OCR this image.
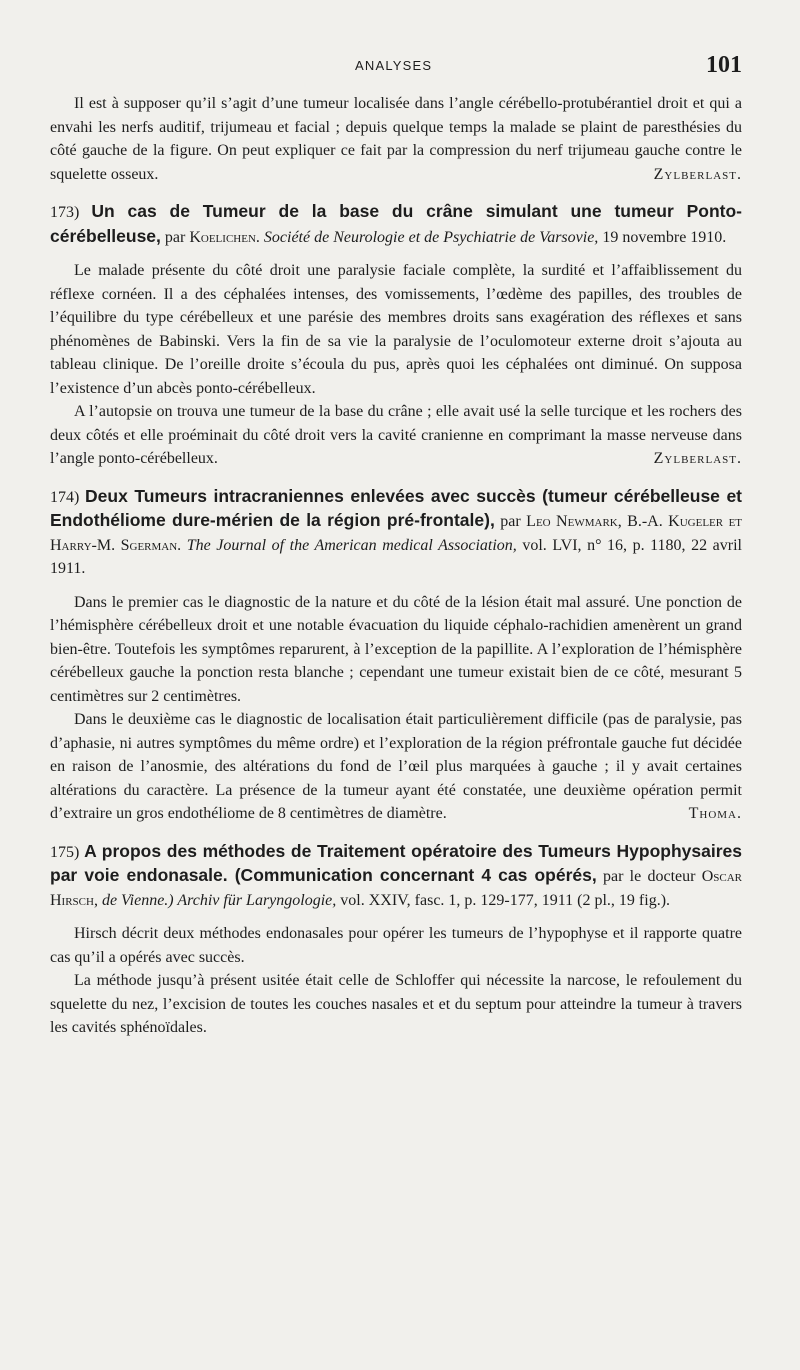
ANALYSES	101

Il est à supposer qu’il s’agit d’une tumeur localisée dans l’angle cérébello-protubérantiel droit et qui a envahi les nerfs auditif, trijumeau et facial ; depuis quelque temps la malade se plaint de paresthésies du côté gauche de la figure. On peut expliquer ce fait par la compression du nerf trijumeau gauche contre le squelette osseux.	Zylberlast.

173) Un cas de Tumeur de la base du crâne simulant une tumeur Ponto-cérébelleuse, par Koelichen. Société de Neurologie et de Psychiatrie de Varsovie, 19 novembre 1910.

Le malade présente du côté droit une paralysie faciale complète, la surdité et l’affaiblissement du réflexe cornéen. Il a des céphalées intenses, des vomissements, l’œdème des papilles, des troubles de l’équilibre du type cérébelleux et une parésie des membres droits sans exagération des réflexes et sans phénomènes de Babinski. Vers la fin de sa vie la paralysie de l’oculomoteur externe droit s’ajouta au tableau clinique. De l’oreille droite s’écoula du pus, après quoi les céphalées ont diminué. On supposa l’existence d’un abcès ponto-cérébelleux.

A l’autopsie on trouva une tumeur de la base du crâne ; elle avait usé la selle turcique et les rochers des deux côtés et elle proéminait du côté droit vers la cavité cranienne en comprimant la masse nerveuse dans l’angle ponto-cérébelleux.	Zylberlast.

174) Deux Tumeurs intracraniennes enlevées avec succès (tumeur cérébelleuse et Endothéliome dure-mérien de la région pré-frontale), par Leo Newmark, B.-A. Kugeler et Harry-M. Sgerman. The Journal of the American medical Association, vol. LVI, n° 16, p. 1180, 22 avril 1911.

Dans le premier cas le diagnostic de la nature et du côté de la lésion était mal assuré. Une ponction de l’hémisphère cérébelleux droit et une notable évacuation du liquide céphalo-rachidien amenèrent un grand bien-être. Toutefois les symptômes reparurent, à l’exception de la papillite. A l’exploration de l’hémisphère cérébelleux gauche la ponction resta blanche ; cependant une tumeur existait bien de ce côté, mesurant 5 centimètres sur 2 centimètres.

Dans le deuxième cas le diagnostic de localisation était particulièrement difficile (pas de paralysie, pas d’aphasie, ni autres symptômes du même ordre) et l’exploration de la région préfrontale gauche fut décidée en raison de l’anosmie, des altérations du fond de l’œil plus marquées à gauche ; il y avait certaines altérations du caractère. La présence de la tumeur ayant été constatée, une deuxième opération permit d’extraire un gros endothéliome de 8 centimètres de diamètre.	Thoma.

175) A propos des méthodes de Traitement opératoire des Tumeurs Hypophysaires par voie endonasale. (Communication concernant 4 cas opérés, par le docteur Oscar Hirsch, de Vienne.) Archiv für Laryngologie, vol. XXIV, fasc. 1, p. 129-177, 1911 (2 pl., 19 fig.).

Hirsch décrit deux méthodes endonasales pour opérer les tumeurs de l’hypophyse et il rapporte quatre cas qu’il a opérés avec succès.

La méthode jusqu’à présent usitée était celle de Schloffer qui nécessite la narcose, le refoulement du squelette du nez, l’excision de toutes les couches nasales et et du septum pour atteindre la tumeur à travers les cavités sphénoïdales.
